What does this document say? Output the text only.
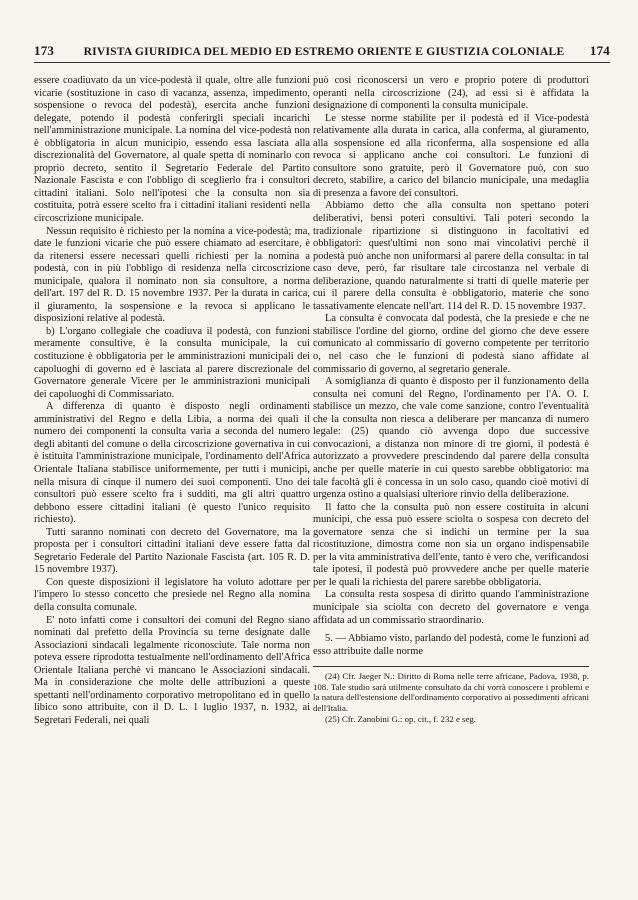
173	RIVISTA GIURIDICA DEL MEDIO ED ESTREMO ORIENTE E GIUSTIZIA COLONIALE	174

essere coadiuvato da un vice-podestà il quale, oltre alle funzioni vicarie (sostituzione in caso di vacanza, assenza, impedimento, sospensione o revoca del podestà), esercita anche funzioni delegate, potendo il podestà conferirgli speciali incarichi nell'amministrazione municipale. La nomina del vice-podestà non è obbligatoria in alcun municipio, essendo essa lasciata alla discrezionalità del Governatore, al quale spetta di nominarlo con proprio decreto, sentito il Segretario Federale del Partito Nazionale Fascista e con l'obbligo di sceglierlo fra i consultori cittadini italiani. Solo nell'ipotesi che la consulta non sia costituita, potrà essere scelto fra i cittadini italiani residenti nella circoscrizione municipale.

Nessun requisito è richiesto per la nomina a vice-podestà; ma, date le funzioni vicarie che può essere chiamato ad esercitare, è da ritenersi essere necessari quelli richiesti per la nomina a podestà, con in più l'obbligo di residenza nella circoscrizione municipale, qualora il nominato non sia consultore, a norma dell'art. 197 del R. D. 15 novembre 1937. Per la durata in carica, il giuramento, la sospensione e la revoca si applicano le disposizioni relative al podestà.

b) L'organo collegiale che coadiuva il podestà, con funzioni meramente consultive, è la consulta municipale, la cui costituzione è obbligatoria per le amministrazioni municipali dei capoluoghi di governo ed è lasciata al parere discrezionale del Governatore generale Vicere per le amministrazioni municipali dei capoluoghi di Commissariato.

A differenza di quanto è disposto negli ordinamenti amministrativi del Regno e della Libia, a norma dei quali il numero dei componenti la consulta varia a seconda del numero degli abitanti del comune o della circoscrizione governativa in cui è istituita l'amministrazione municipale, l'ordinamento dell'Africa Orientale Italiana stabilisce uniformemente, per tutti i municipi, nella misura di cinque il numero dei suoi componenti. Uno dei consultori può essere scelto fra i sudditi, ma gli altri quattro debbono essere cittadini italiani (è questo l'unico requisito richiesto).

Tutti saranno nominati con decreto del Governatore, ma la proposta per i consultori cittadini italiani deve essere fatta dal Segretario Federale del Partito Nazionale Fascista (art. 105 R. D. 15 novembre 1937).

Con queste disposizioni il legislatore ha voluto adottare per l'impero lo stesso concetto che presiede nel Regno alla nomina della consulta comunale.

E' noto infatti come i consultori dei comuni del Regno siano nominati dal prefetto della Provincia su terne designate dalle Associazioni sindacali legalmente riconosciute. Tale norma non poteva essere riprodotta testualmente nell'ordinamento dell'Africa Orientale Italiana perchè vi mancano le Associazioni sindacali. Ma in considerazione che molte delle attribuzioni a queste spettanti nell'ordinamento corporativo metropolitano ed in quello libico sono attribuite, con il D. L. 1 luglio 1937, n. 1932, ai Segretari Federali, nei quali

può così riconoscersi un vero e proprio potere di produttori operanti nella circoscrizione (24), ad essi si è affidata la designazione di componenti la consulta municipale.

Le stesse norme stabilite per il podestà ed il Vice-podestà relativamente alla durata in carica, alla conferma, al giuramento, alla sospensione ed alla riconferma, alla sospensione ed alla revoca si applicano anche coi consultori. Le funzioni di consultore sono gratuite, però il Governatore può, con suo decreto, stabilire, a carico del bilancio municipale, una medaglia di presenza a favore dei consultori.

Abbiamo detto che alla consulta non spettano poteri deliberativi, bensì poteri consultivi. Tali poteri secondo la tradizionale ripartizione si distinguono in facoltativi ed obbligatori: quest'ultimi non sono mai vincolativi perchè il podestà può anche non uniformarsi al parere della consulta: in tal caso deve, però, far risultare tale circostanza nel verbale di deliberazione, quando naturalmente si tratti di quelle materie per cui il parere della consulta è obbligatorio, materie che sono tassativamente elencate nell'art. 114 del R. D. 15 novembre 1937.

La consulta è convocata dal podestà, che la presiede e che ne stabilisce l'ordine del giorno, ordine del giorno che deve essere comunicato al commissario di governo competente per territorio o, nel caso che le funzioni di podestà siano affidate al commissario di governo, al segretario generale.

A somiglianza di quanto è disposto per il funzionamento della consulta nei comuni del Regno, l'ordinamento per l'A. O. I. stabilisce un mezzo, che vale come sanzione, contro l'eventualità che la consulta non riesca a deliberare per mancanza di numero legale: (25) quando ciò avvenga dopo due successive convocazioni, a distanza non minore di tre giorni, il podestà è autorizzato a provvedere prescindendo dal parere della consulta anche per quelle materie in cui questo sarebbe obbligatorio: ma tale facoltà gli è concessa in un solo caso, quando cioè motivi di urgenza ostino a qualsiasi ulteriore rinvio della deliberazione.

Il fatto che la consulta può non essere costituita in alcuni municipi, che essa può essere sciolta o sospesa con decreto del governatore senza che si indichi un termine per la sua ricostituzione, dimostra come non sia un organo indispensabile per la vita amministrativa dell'ente, tanto è vero che, verificandosi tale ipotesi, il podestà può provvedere anche per quelle materie per le quali la richiesta del parere sarebbe obbligatoria.

La consulta resta sospesa di diritto quando l'amministrazione municipale sia sciolta con decreto del governatore e venga affidata ad un commissario straordinario.

5. — Abbiamo visto, parlando del podestà, come le funzioni ad esso attribuite dalle norme

(24) Cfr. Jaeger N.: Diritto di Roma nelle terre africane, Padova, 1938, p. 108. Tale studio sarà utilmente consultato da chi vorrà conoscere i problemi e la natura dell'estensione dell'ordinamento corporativo ai possedimenti africani dell'Italia.

(25) Cfr. Zanobini G.: op. cit., f. 232 e seg.
